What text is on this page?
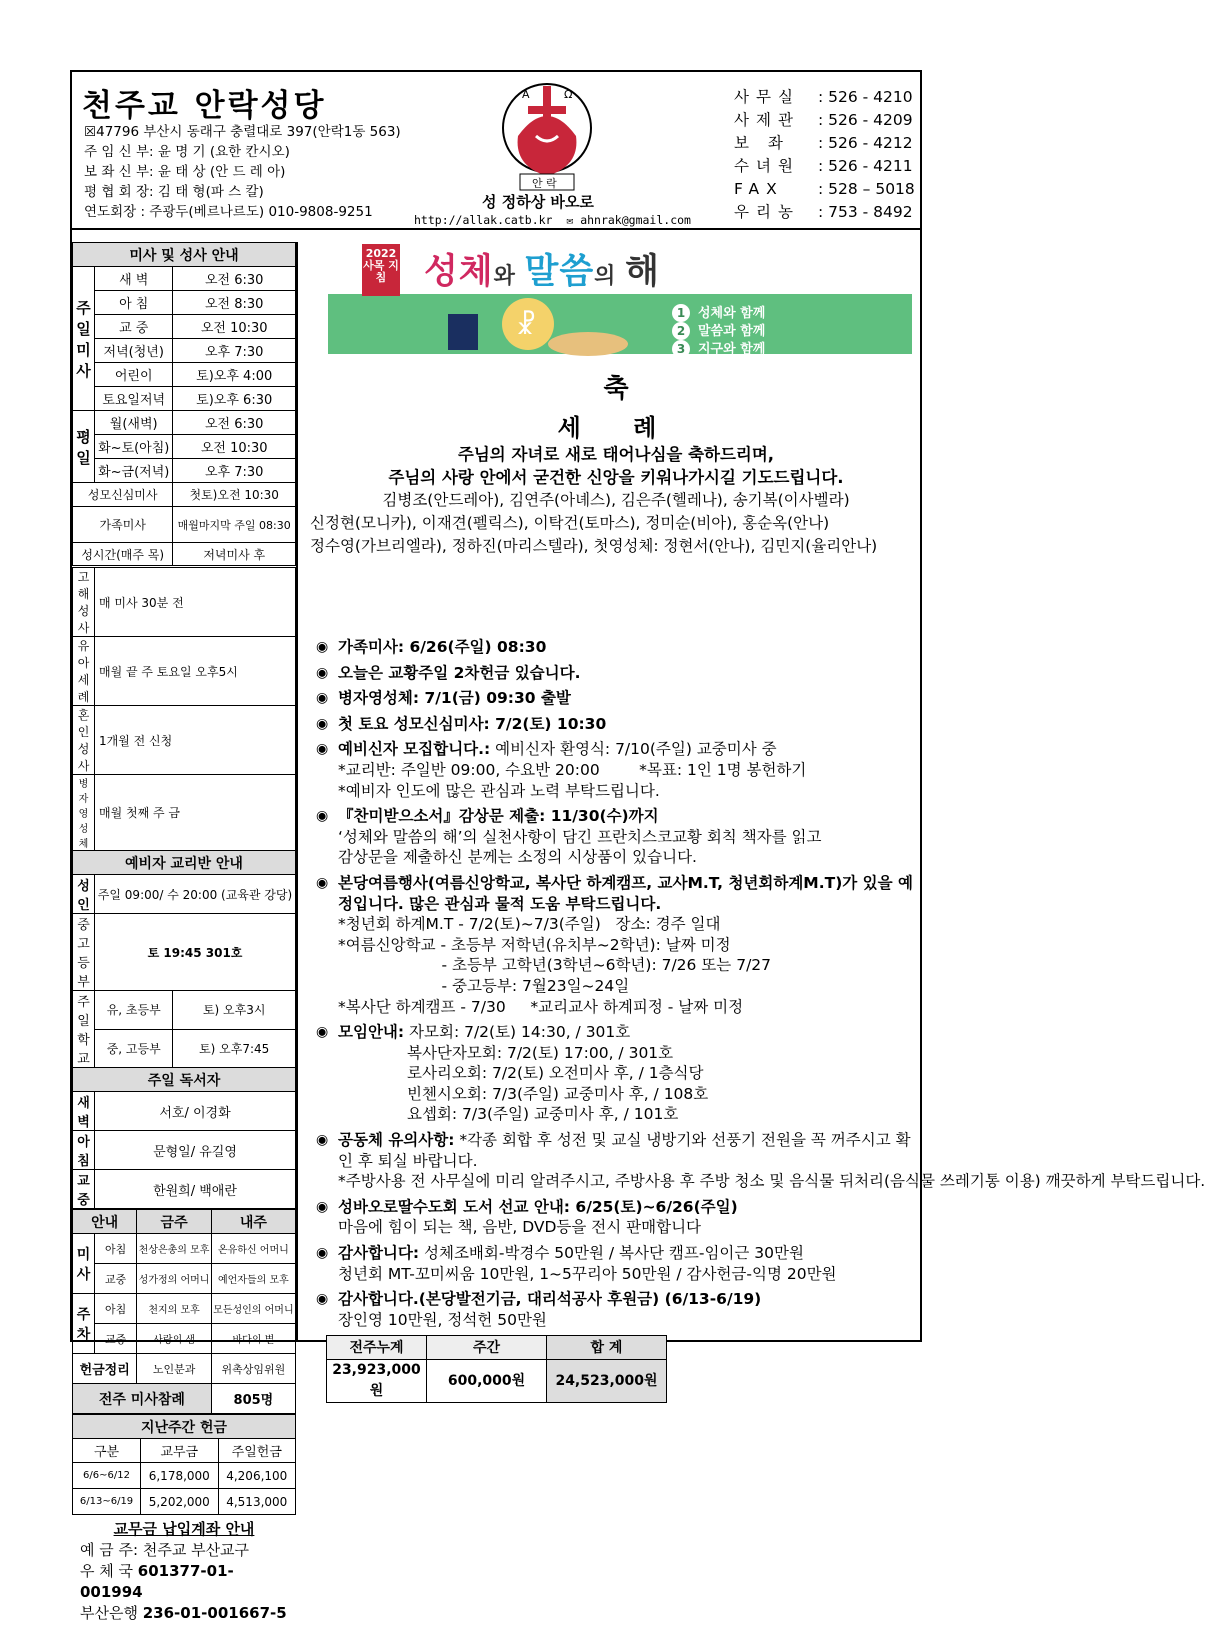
천주교 안락성당
☒47796 부산시 동래구 충렬대로 397(안락1동 563)
주 임 신 부: 윤 명 기 (요한 칸시오)
보 좌 신 부: 윤 태 상 (안 드 레 아)
평 협 회 장: 김 태 형(파 스 칼)
연도회장 : 주광두(베르나르도) 010-9808-9251
A	Ω
안 락
성 정하상 바오로
http://allak.catb.kr ✉ ahnrak@gmail.com
사무실	: 526 - 4210
사제관	: 526 - 4209
보 좌	: 526 - 4212
수녀원	: 526 - 4211
FAX	: 528 – 5018
우리농	: 753 - 8492
미사 및 성사 안내		
주일미사	새 벽	오전 6:30
	아 침	오전 8:30
	교 중	오전 10:30
	저녁(청년)	오후 7:30
	어린이	토)오후 4:00
	토요일저녁	토)오후 6:30
평일	월(새벽)	오전 6:30
	화~토(아침)	오전 10:30
	화~금(저녁)	오후 7:30
성모신심미사		첫토)오전 10:30
가족미사		매월마지막 주일 08:30
성시간(매주 목)		저녁미사 후
고해성사	매 미사 30분 전	
유아세례	매월 끝 주 토요일 오후5시	
혼인성사	1개월 전 신청	
병자영성체	매월 첫째 주 금	
예비자 교리반 안내		
성 인	주일 09:00/ 수 20:00 (교육관 강당)	
중고등부	토 19:45 301호	
주일학교	유, 초등부	토) 오후3시
	중, 고등부	토) 오후7:45
주일 독서자		
새벽	서호/ 이경화	
아침	문형일/ 유길영	
교중	한원희/ 백애란	
안내		금주	내주
미사	아침	천상은총의 모후	온유하신 어머니
	교중	성가정의 어머니	예언자들의 모후
주차	아침	천지의 모후	모든성인의 어머니
	교중	사랑의 샘	바다의 별
헌금정리		노인분과	위촉상임위원
전주 미사참례			805명
지난주간 헌금		
구분	교무금	주일헌금
6/6~6/12	6,178,000	4,206,100
6/13~6/19	5,202,000	4,513,000
교무금 납입계좌 안내
예 금 주: 천주교 부산교구
우 체 국 601377-01-001994
부산은행 236-01-001667-5
2022 사목 지침	성체와 말씀의 해
☧	1 성체와 함께
2 말씀과 함께
3 지구와 함께
축
세 례
주님의 자녀로 새로 태어나심을 축하드리며,
주님의 사랑 안에서 굳건한 신앙을 키워나가시길 기도드립니다.
김병조(안드레아), 김연주(아녜스), 김은주(헬레나), 송기복(이사벨라)
신정현(모니카), 이재견(펠릭스), 이탁건(토마스), 정미순(비아), 홍순옥(안나)
정수영(가브리엘라), 정하진(마리스텔라), 첫영성체: 정현서(안나), 김민지(율리안나)
◉ 가족미사: 6/26(주일) 08:30
◉ 오늘은 교황주일 2차헌금 있습니다.
◉ 병자영성체: 7/1(금) 09:30 출발
◉ 첫 토요 성모신심미사: 7/2(토) 10:30
◉ 예비신자 모집합니다.: 예비신자 환영식: 7/10(주일) 교중미사 중
*교리반: 주일반 09:00, 수요반 20:00        *목표: 1인 1명 봉헌하기
*예비자 인도에 많은 관심과 노력 부탁드립니다.
◉ 『찬미받으소서』감상문 제출: 11/30(수)까지
‘성체와 말씀의 해’의 실천사항이 담긴 프란치스코교황 회칙 책자를 읽고
감상문을 제출하신 분께는 소정의 시상품이 있습니다.
◉ 본당여름행사(여름신앙학교, 복사단 하계캠프, 교사M.T, 청년회하계M.T)가 있을 예정입니다. 많은 관심과 물적 도움 부탁드립니다.
*청년회 하계M.T - 7/2(토)~7/3(주일)   장소: 경주 일대
*여름신앙학교 - 초등부 저학년(유치부~2학년): 날짜 미정
- 초등부 고학년(3학년~6학년): 7/26 또는 7/27
- 중고등부: 7월23일~24일
*복사단 하계캠프 - 7/30     *교리교사 하계피정 - 날짜 미정
◉ 모임안내: 자모회: 7/2(토) 14:30, / 301호
복사단자모회: 7/2(토) 17:00, / 301호
로사리오회: 7/2(토) 오전미사 후, / 1층식당
빈첸시오회: 7/3(주일) 교중미사 후, / 108호
요셉회: 7/3(주일) 교중미사 후, / 101호
◉ 공동체 유의사항: *각종 회합 후 성전 및 교실 냉방기와 선풍기 전원을 꼭 꺼주시고 확인 후 퇴실 바랍니다.
*주방사용 전 사무실에 미리 알려주시고, 주방사용 후 주방 청소 및 음식물 뒤처리(음식물 쓰레기통 이용) 깨끗하게 부탁드립니다.
◉ 성바오로딸수도회 도서 선교 안내: 6/25(토)~6/26(주일)
마음에 힘이 되는 책, 음반, DVD등을 전시 판매합니다
◉ 감사합니다: 성체조배회-박경수 50만원 / 복사단 캠프-임이근 30만원
청년회 MT-꼬미씨움 10만원, 1~5꾸리아 50만원 / 감사헌금-익명 20만원
◉ 감사합니다.(본당발전기금, 대리석공사 후원금) (6/13-6/19)
장인영 10만원, 정석헌 50만원
전주누계	주간	합 계
23,923,000원	600,000원	24,523,000원
